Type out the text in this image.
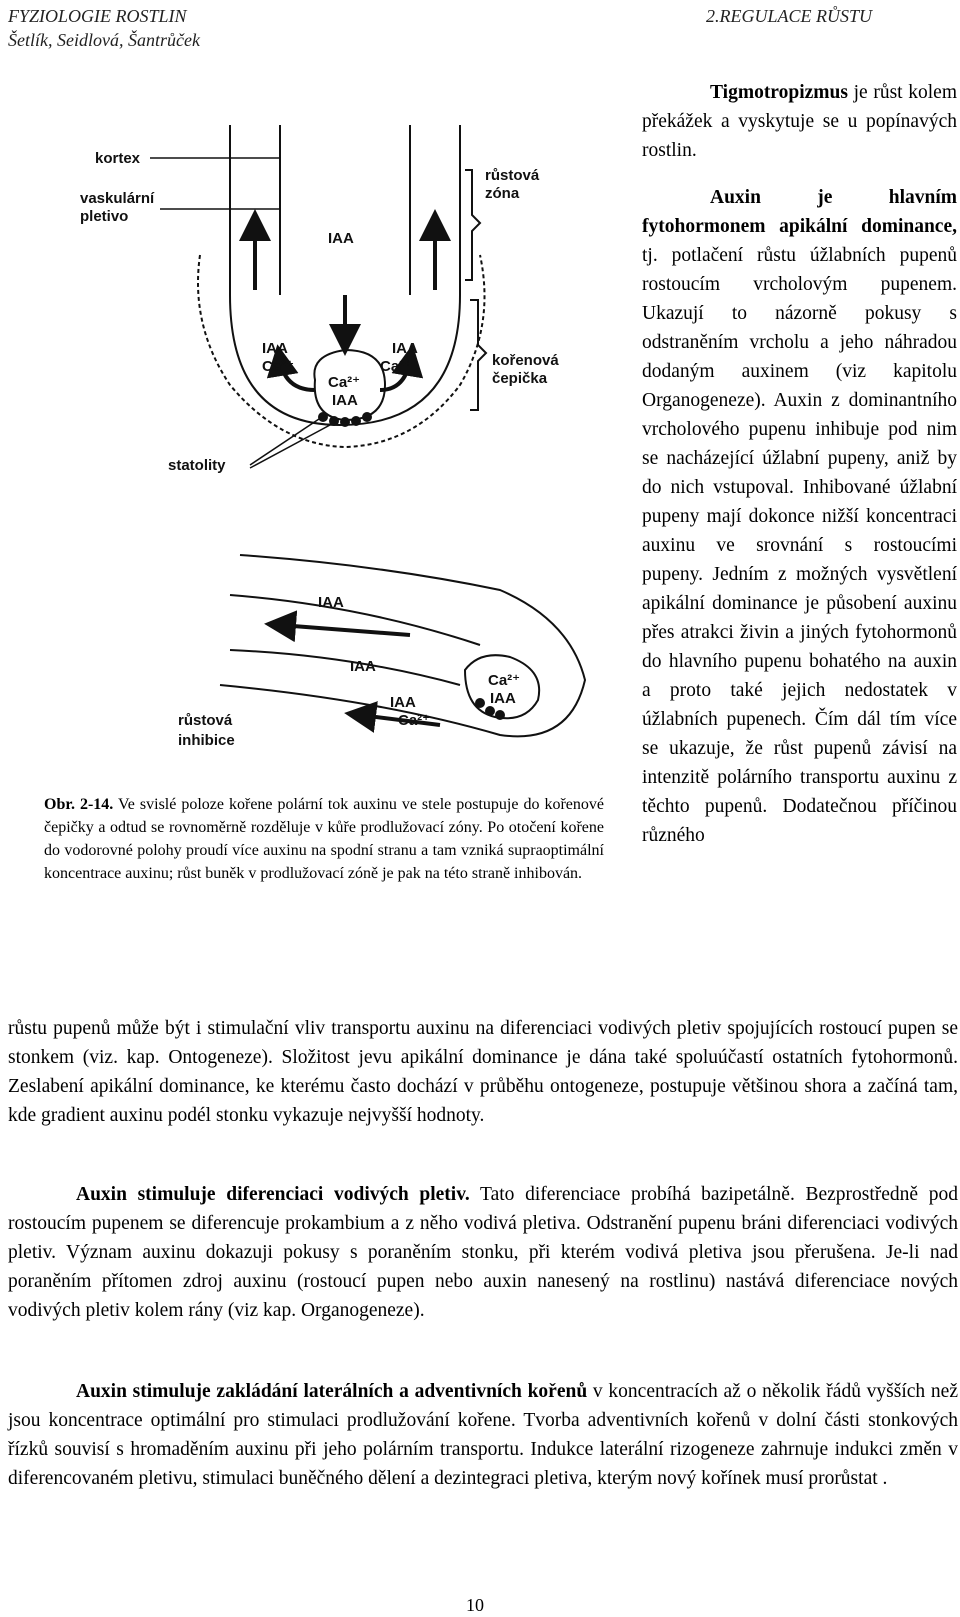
FYZIOLOGIE ROSTLIN
Šetlík, Seidlová, Šantrůček
2.REGULACE RŮSTU
kortex
vaskulární
pletivo
růstová
zóna
IAA
IAA
Ca²⁺
IAA
Ca²⁺
Ca²⁺
IAA
kořenová
čepička
statolity
IAA
IAA
IAA
Ca²⁺
Ca²⁺
IAA
růstová
inhibice

Obr. 2-14. Ve svislé poloze kořene polární tok auxinu ve stele postupuje do kořenové čepičky a odtud se rovnoměrně rozděluje v kůře prodlužovací zóny. Po otočení kořene do vodorovné polohy proudí více auxinu na spodní stranu a tam vzniká supraoptimální koncentrace auxinu; růst buněk v prodlužovací zóně je pak na této straně inhibován.

Tigmotropizmus je růst kolem překážek a vyskytuje se u popínavých rostlin.

Auxin je hlavním fytohormonem apikální dominance, tj. potlačení růstu úžlabních pupenů rostoucím vrcholovým pupenem. Ukazují to názorně pokusy s odstraněním vrcholu a jeho náhradou dodaným auxinem (viz kapitolu Organogeneze). Auxin z dominantního vrcholového pupenu inhibuje pod nim se nacházející úžlabní pupeny, aniž by do nich vstupoval. Inhibované úžlabní pupeny mají dokonce nižší koncentraci auxinu ve srovnání s rostoucími pupeny. Jedním z možných vysvětlení apikální dominance je působení auxinu přes atrakci živin a jiných fytohormonů do hlavního pupenu bohatého na auxin a proto také jejich nedostatek v úžlabních pupenech. Čím dál tím více se ukazuje, že růst pupenů závisí na intenzitě polárního transportu auxinu z těchto pupenů. Dodatečnou příčinou různého

růstu pupenů může být i stimulační vliv transportu auxinu na diferenciaci vodivých pletiv spojujících rostoucí pupen se stonkem (viz. kap. Ontogeneze). Složitost jevu apikální dominance je dána také spoluúčastí ostatních fytohormonů. Zeslabení apikální dominance, ke kterému často dochází v průběhu ontogeneze, postupuje většinou shora a začíná tam, kde gradient auxinu podél stonku vykazuje nejvyšší hodnoty.

Auxin stimuluje diferenciaci vodivých pletiv. Tato diferenciace probíhá bazipetálně. Bezprostředně pod rostoucím pupenem se diferencuje prokambium a z něho vodivá pletiva. Odstranění pupenu bráni diferenciaci vodivých pletiv. Význam auxinu dokazuji pokusy s poraněním stonku, při kterém vodivá pletiva jsou přerušena. Je-li nad poraněním přítomen zdroj auxinu (rostoucí pupen nebo auxin nanesený na rostlinu) nastává diferenciace nových vodivých pletiv kolem rány (viz kap. Organogeneze).

Auxin stimuluje zakládání laterálních a adventivních kořenů v koncentracích až o několik řádů vyšších než jsou koncentrace optimální pro stimulaci prodlužování kořene. Tvorba adventivních kořenů v dolní části stonkových řízků souvisí s hromaděním auxinu při jeho polárním transportu. Indukce laterální rizogeneze zahrnuje indukci změn v diferencovaném pletivu, stimulaci buněčného dělení a dezintegraci pletiva, kterým nový kořínek musí prorůstat .

10
